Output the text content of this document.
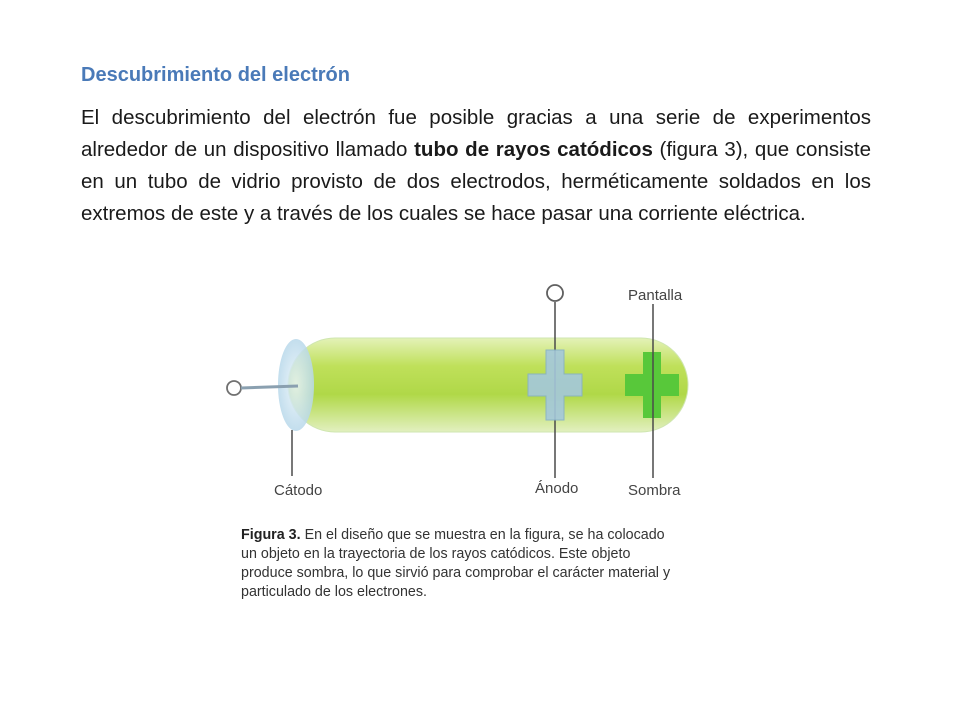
Descubrimiento del electrón

El descubrimiento del electrón fue posible gracias a una serie de experimentos alrededor de un dispositivo llamado tubo de rayos catódicos (figura 3), que consiste en un tubo de vidrio provisto de dos electrodos, herméticamente soldados en los extremos de este y a través de los cuales se hace pasar una corriente eléctrica.

Pantalla
Cátodo	Ánodo	Sombra

Figura 3. En el diseño que se muestra en la figura, se ha colocado un objeto en la trayectoria de los rayos catódicos. Este objeto produce sombra, lo que sirvió para comprobar el carácter material y particulado de los electrones.
